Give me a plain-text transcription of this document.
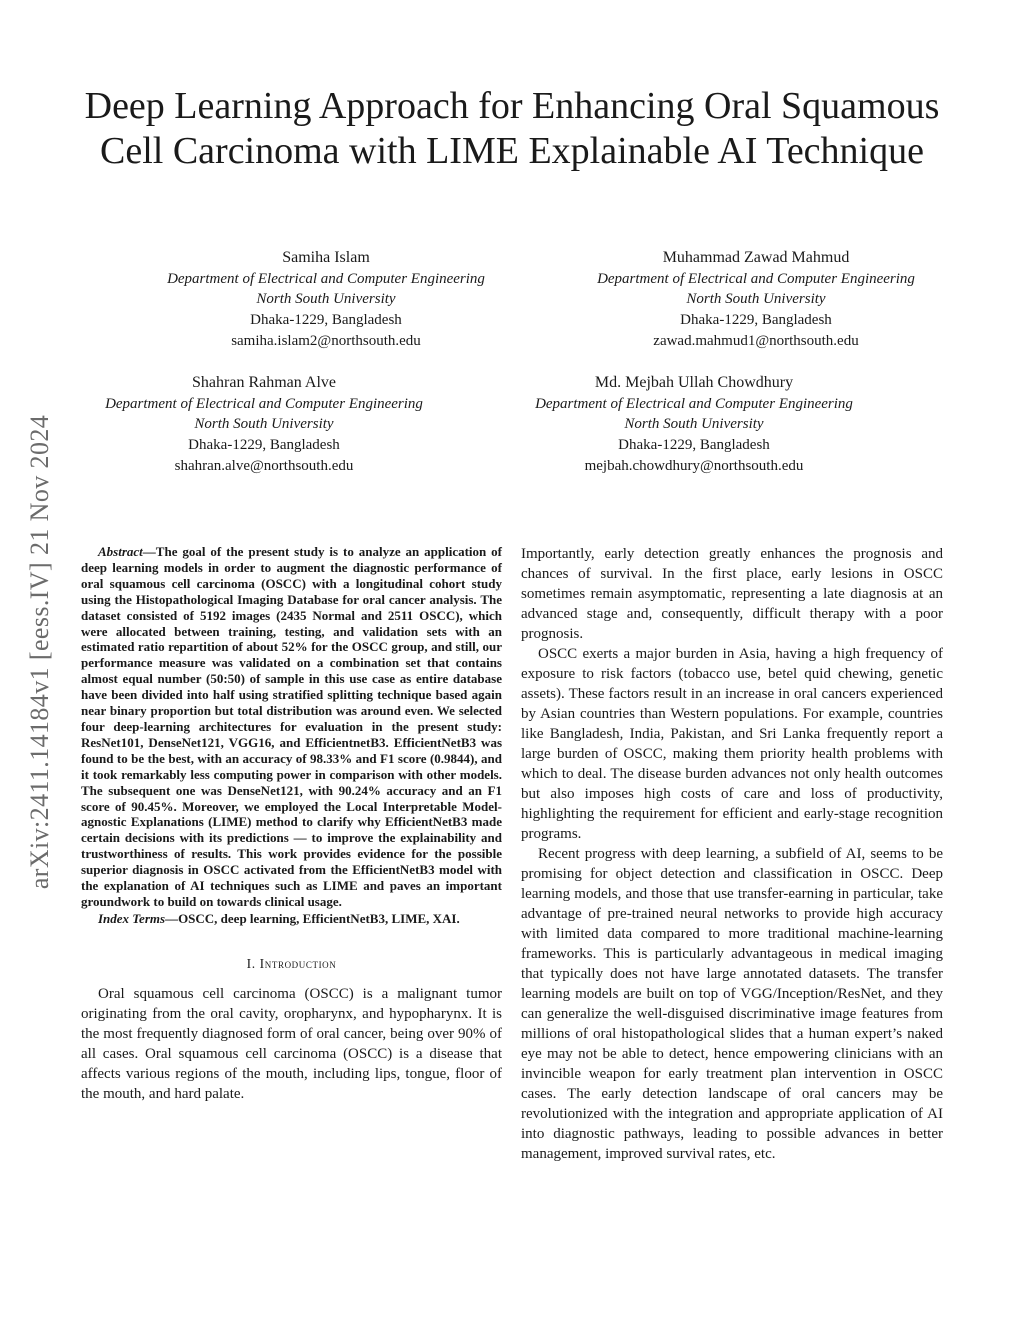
arXiv:2411.14184v1 [eess.IV] 21 Nov 2024
Deep Learning Approach for Enhancing Oral Squamous Cell Carcinoma with LIME Explainable AI Technique
Samiha Islam
Department of Electrical and Computer Engineering
North South University
Dhaka-1229, Bangladesh
samiha.islam2@northsouth.edu
Muhammad Zawad Mahmud
Department of Electrical and Computer Engineering
North South University
Dhaka-1229, Bangladesh
zawad.mahmud1@northsouth.edu
Shahran Rahman Alve
Department of Electrical and Computer Engineering
North South University
Dhaka-1229, Bangladesh
shahran.alve@northsouth.edu
Md. Mejbah Ullah Chowdhury
Department of Electrical and Computer Engineering
North South University
Dhaka-1229, Bangladesh
mejbah.chowdhury@northsouth.edu

Abstract—The goal of the present study is to analyze an application of deep learning models in order to augment the diagnostic performance of oral squamous cell carcinoma (OSCC) with a longitudinal cohort study using the Histopathological Imaging Database for oral cancer analysis. The dataset consisted of 5192 images (2435 Normal and 2511 OSCC), which were allocated between training, testing, and validation sets with an estimated ratio repartition of about 52% for the OSCC group, and still, our performance measure was validated on a combination set that contains almost equal number (50:50) of sample in this use case as entire database have been divided into half using stratified splitting technique based again near binary proportion but total distribution was around even. We selected four deep-learning architectures for evaluation in the present study: ResNet101, DenseNet121, VGG16, and EfficientnetB3. EfficientNetB3 was found to be the best, with an accuracy of 98.33% and F1 score (0.9844), and it took remarkably less computing power in comparison with other models. The subsequent one was DenseNet121, with 90.24% accuracy and an F1 score of 90.45%. Moreover, we employed the Local Interpretable Model-agnostic Explanations (LIME) method to clarify why EfficientNetB3 made certain decisions with its predictions — to improve the explainability and trustworthiness of results. This work provides evidence for the possible superior diagnosis in OSCC activated from the EfficientNetB3 model with the explanation of AI techniques such as LIME and paves an important groundwork to build on towards clinical usage.

Index Terms—OSCC, deep learning, EfficientNetB3, LIME, XAI.

I. Introduction

Oral squamous cell carcinoma (OSCC) is a malignant tumor originating from the oral cavity, oropharynx, and hypopharynx. It is the most frequently diagnosed form of oral cancer, being over 90% of all cases. Oral squamous cell carcinoma (OSCC) is a disease that affects various regions of the mouth, including lips, tongue, floor of the mouth, and hard palate.

Importantly, early detection greatly enhances the prognosis and chances of survival. In the first place, early lesions in OSCC sometimes remain asymptomatic, representing a late diagnosis at an advanced stage and, consequently, difficult therapy with a poor prognosis.

OSCC exerts a major burden in Asia, having a high frequency of exposure to risk factors (tobacco use, betel quid chewing, genetic assets). These factors result in an increase in oral cancers experienced by Asian countries than Western populations. For example, countries like Bangladesh, India, Pakistan, and Sri Lanka frequently report a large burden of OSCC, making them priority health problems with which to deal. The disease burden advances not only health outcomes but also imposes high costs of care and loss of productivity, highlighting the requirement for efficient and early-stage recognition programs.

Recent progress with deep learning, a subfield of AI, seems to be promising for object detection and classification in OSCC. Deep learning models, and those that use transfer-earning in particular, take advantage of pre-trained neural networks to provide high accuracy with limited data compared to more traditional machine-learning frameworks. This is particularly advantageous in medical imaging that typically does not have large annotated datasets. The transfer learning models are built on top of VGG/Inception/ResNet, and they can generalize the well-disguised discriminative image features from millions of oral histopathological slides that a human expert’s naked eye may not be able to detect, hence empowering clinicians with an invincible weapon for early treatment plan intervention in OSCC cases. The early detection landscape of oral cancers may be revolutionized with the integration and appropriate application of AI into diagnostic pathways, leading to possible advances in better management, improved survival rates, etc.
